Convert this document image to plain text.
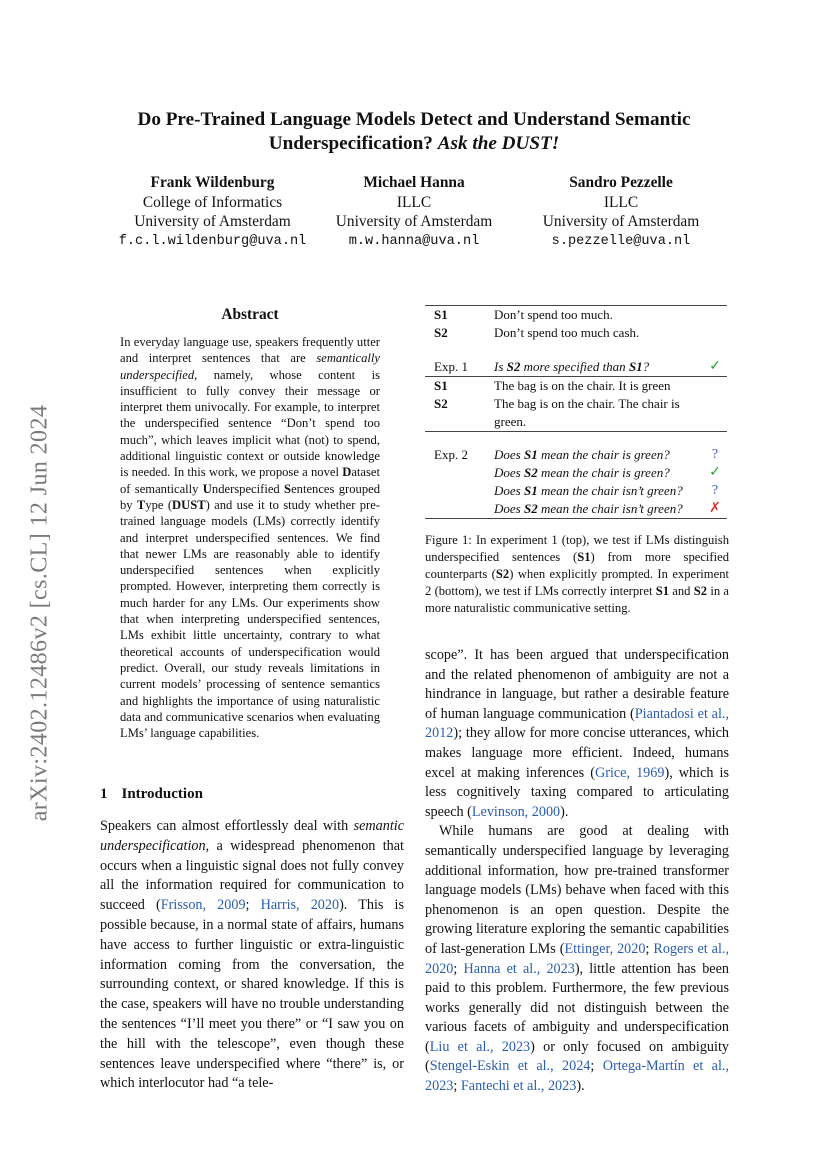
arXiv:2402.12486v2 [cs.CL] 12 Jun 2024
Do Pre-Trained Language Models Detect and Understand Semantic
Underspecification? Ask the DUST!
Frank Wildenburg
College of Informatics
University of Amsterdam
f.c.l.wildenburg@uva.nl
Michael Hanna
ILLC
University of Amsterdam
m.w.hanna@uva.nl
Sandro Pezzelle
ILLC
University of Amsterdam
s.pezzelle@uva.nl
Abstract
In everyday language use, speakers frequently utter and interpret sentences that are semantically underspecified, namely, whose content is insufficient to fully convey their message or interpret them univocally. For example, to interpret the underspecified sentence “Don’t spend too much”, which leaves implicit what (not) to spend, additional linguistic context or outside knowledge is needed. In this work, we propose a novel Dataset of semantically Underspecified Sentences grouped by Type (DUST) and use it to study whether pre-trained language models (LMs) correctly identify and interpret underspecified sentences. We find that newer LMs are reasonably able to identify underspecified sentences when explicitly prompted. However, interpreting them correctly is much harder for any LMs. Our experiments show that when interpreting underspecified sentences, LMs exhibit little uncertainty, contrary to what theoretical accounts of underspecification would predict. Overall, our study reveals limitations in current models’ processing of sentence semantics and highlights the importance of using naturalistic data and communicative scenarios when evaluating LMs’ language capabilities.
1 Introduction
Speakers can almost effortlessly deal with semantic underspecification, a widespread phenomenon that occurs when a linguistic signal does not fully convey all the information required for communication to succeed (Frisson, 2009; Harris, 2020). This is possible because, in a normal state of affairs, humans have access to further linguistic or extra-linguistic information coming from the conversation, the surrounding context, or shared knowledge. If this is the case, speakers will have no trouble understanding the sentences “I’ll meet you there” or “I saw you on the hill with the telescope”, even though these sentences leave underspecified where “there” is, or which interlocutor had “a tele-
S1	Don’t spend too much.	
S2	Don’t spend too much cash.	

Exp. 1	Is S2 more specified than S1?	✓
S1	The bag is on the chair. It is green	
S2	The bag is on the chair. The chair is green.	

Exp. 2	Does S1 mean the chair is green?	?
	Does S2 mean the chair is green?	✓
	Does S1 mean the chair isn’t green?	?
	Does S2 mean the chair isn’t green?	✗
Figure 1: In experiment 1 (top), we test if LMs distinguish underspecified sentences (S1) from more specified counterparts (S2) when explicitly prompted. In experiment 2 (bottom), we test if LMs correctly interpret S1 and S2 in a more naturalistic communicative setting.

scope”. It has been argued that underspecification and the related phenomenon of ambiguity are not a hindrance in language, but rather a desirable feature of human language communication (Piantadosi et al., 2012); they allow for more concise utterances, which makes language more efficient. Indeed, humans excel at making inferences (Grice, 1969), which is less cognitively taxing compared to articulating speech (Levinson, 2000).

While humans are good at dealing with semantically underspecified language by leveraging additional information, how pre-trained transformer language models (LMs) behave when faced with this phenomenon is an open question. Despite the growing literature exploring the semantic capabilities of last-generation LMs (Ettinger, 2020; Rogers et al., 2020; Hanna et al., 2023), little attention has been paid to this problem. Furthermore, the few previous works generally did not distinguish between the various facets of ambiguity and underspecification (Liu et al., 2023) or only focused on ambiguity (Stengel-Eskin et al., 2024; Ortega-Martín et al., 2023; Fantechi et al., 2023).
